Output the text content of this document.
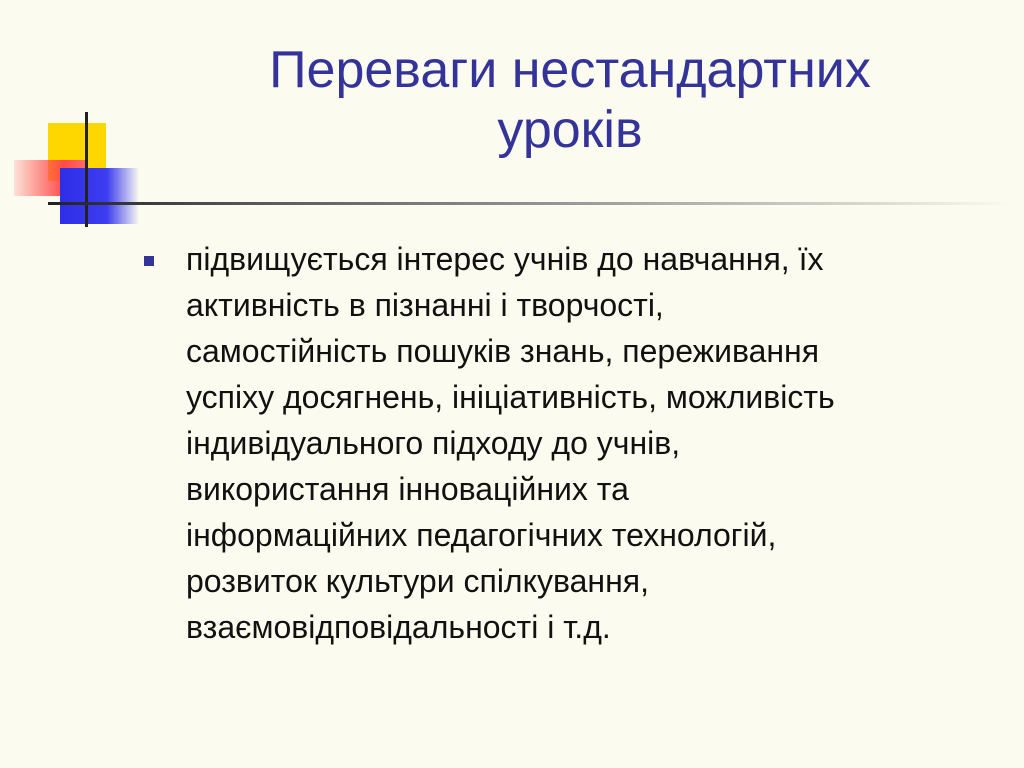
Переваги нестандартних
уроків

підвищується інтерес учнів до навчання, їх
активність в пізнанні і творчості,
самостійність пошуків знань, переживання
успіху досягнень, ініціативність, можливість
індивідуального підходу до учнів,
використання інноваційних та
інформаційних педагогічних технологій,
розвиток культури спілкування,
взаємовідповідальності і т.д.
